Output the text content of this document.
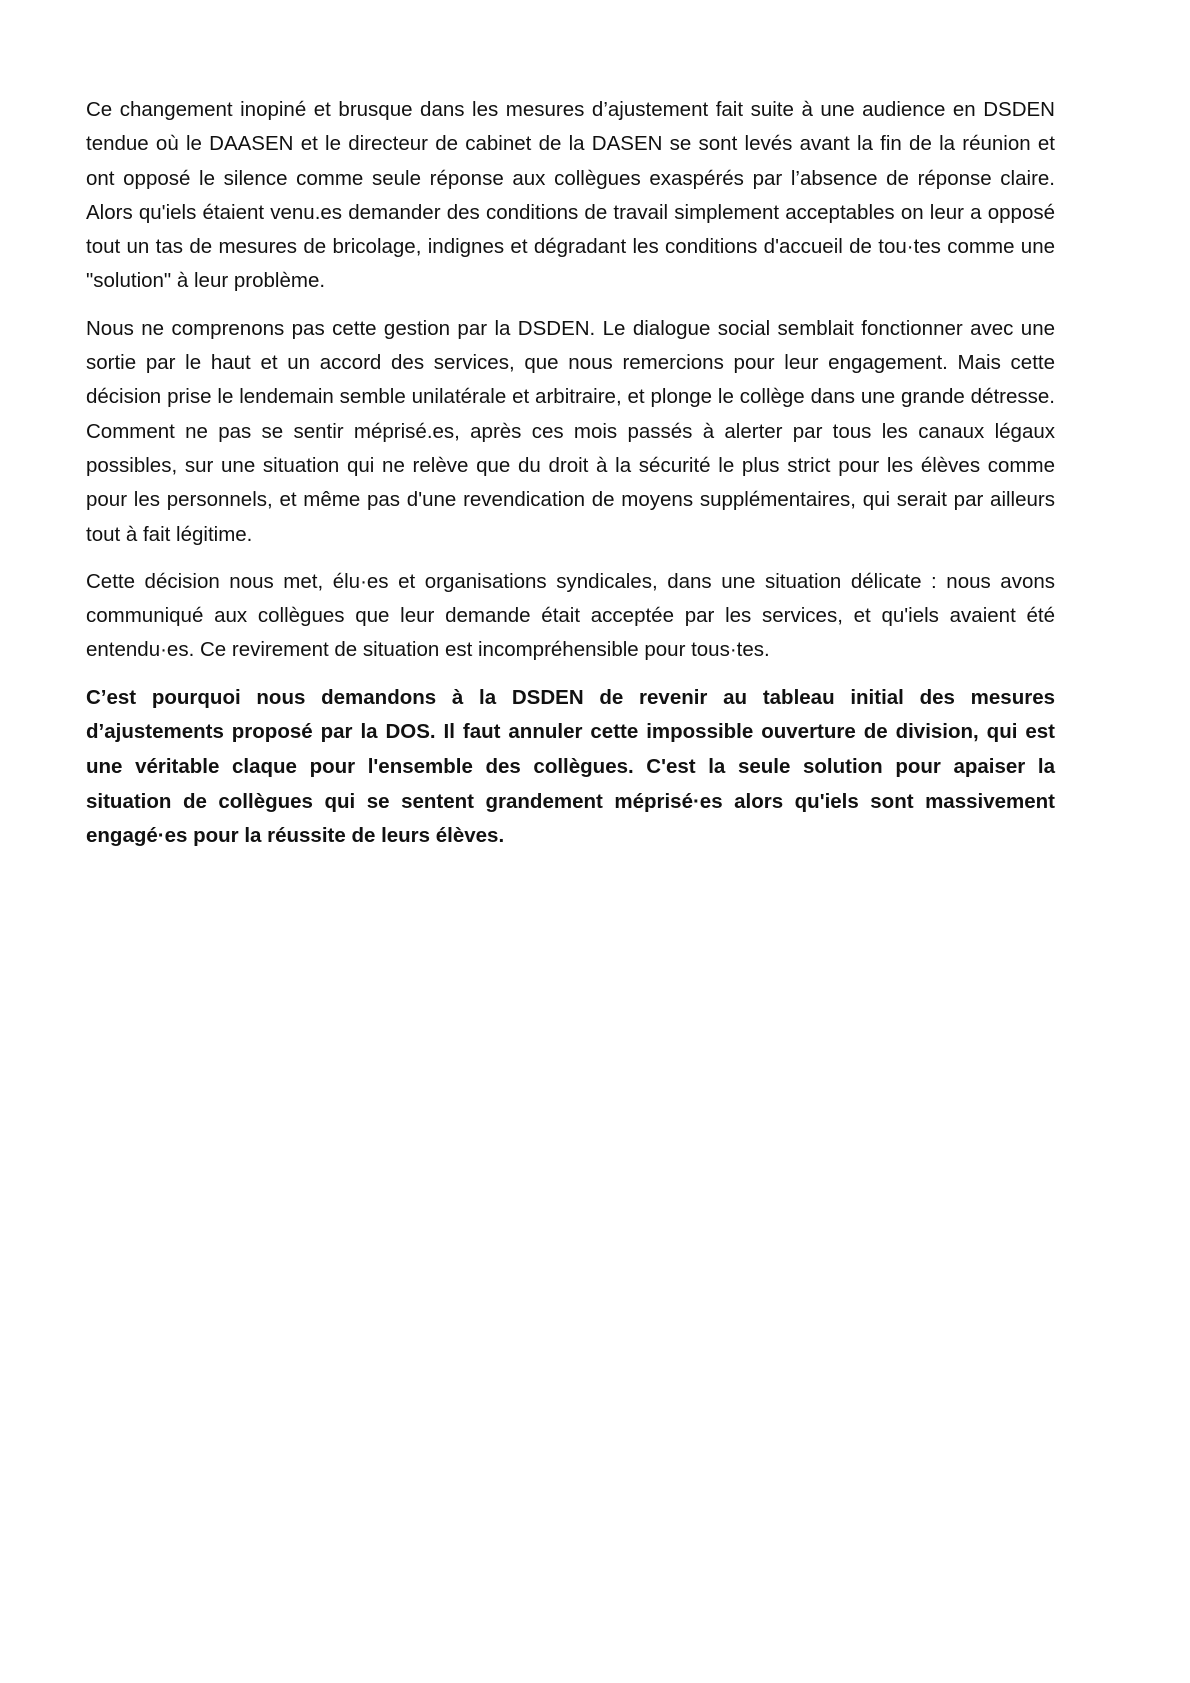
Ce changement inopiné et brusque dans les mesures d’ajustement fait suite à une audience en DSDEN tendue où le DAASEN et le directeur de cabinet de la DASEN se sont levés avant la fin de la réunion et ont opposé le silence comme seule réponse aux collègues exaspérés par l’absence de réponse claire. Alors qu'iels étaient venu.es demander des conditions de travail simplement acceptables on leur a opposé tout un tas de mesures de bricolage, indignes et dégradant les conditions d'accueil de tou·tes comme une "solution" à leur problème.

Nous ne comprenons pas cette gestion par la DSDEN. Le dialogue social semblait fonctionner avec une sortie par le haut et un accord des services, que nous remercions pour leur engagement. Mais cette décision prise le lendemain semble unilatérale et arbitraire, et plonge le collège dans une grande détresse. Comment ne pas se sentir méprisé.es, après ces mois passés à alerter par tous les canaux légaux possibles, sur une situation qui ne relève que du droit à la sécurité le plus strict pour les élèves comme pour les personnels, et même pas d'une revendication de moyens supplémentaires, qui serait par ailleurs tout à fait légitime.

Cette décision nous met, élu·es et organisations syndicales, dans une situation délicate : nous avons communiqué aux collègues que leur demande était acceptée par les services, et qu'iels avaient été entendu·es. Ce revirement de situation est incompréhensible pour tous·tes.

C’est pourquoi nous demandons à la DSDEN de revenir au tableau initial des mesures d’ajustements proposé par la DOS. Il faut annuler cette impossible ouverture de division, qui est une véritable claque pour l'ensemble des collègues. C'est la seule solution pour apaiser la situation de collègues qui se sentent grandement méprisé·es alors qu'iels sont massivement engagé·es pour la réussite de leurs élèves.
